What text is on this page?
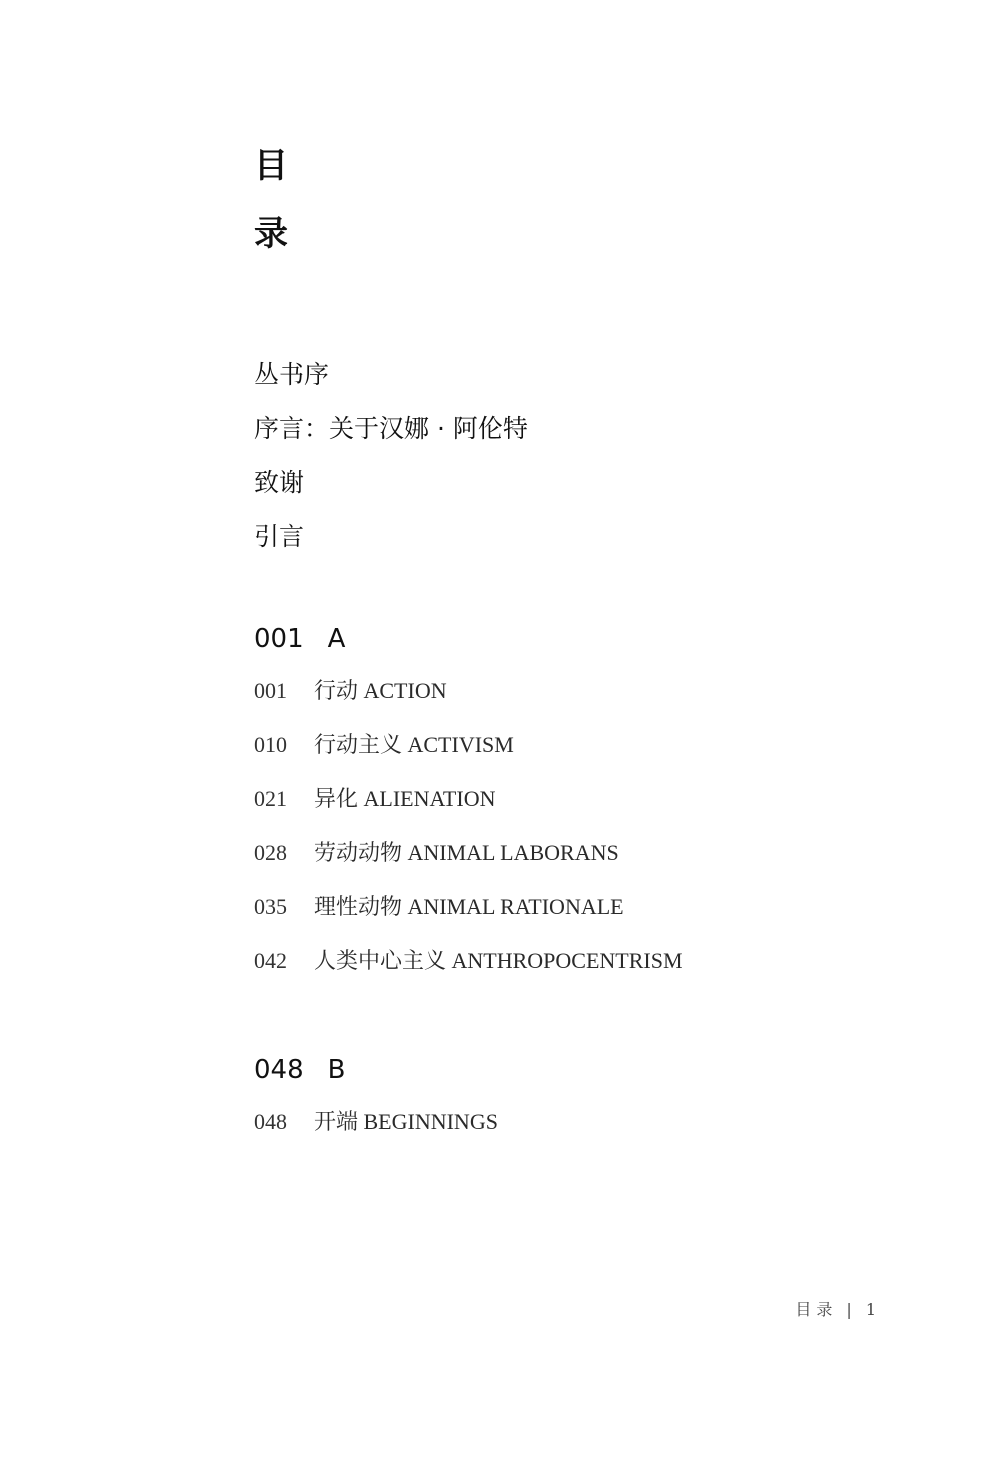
目
录
丛书序
序言：关于汉娜 · 阿伦特
致谢
引言
001 A
001 行动 ACTION
010 行动主义 ACTIVISM
021 异化 ALIENATION
028 劳动动物 ANIMAL LABORANS
035 理性动物 ANIMAL RATIONALE
042 人类中心主义 ANTHROPOCENTRISM
048 B
048 开端 BEGINNINGS
目 录 | 1
